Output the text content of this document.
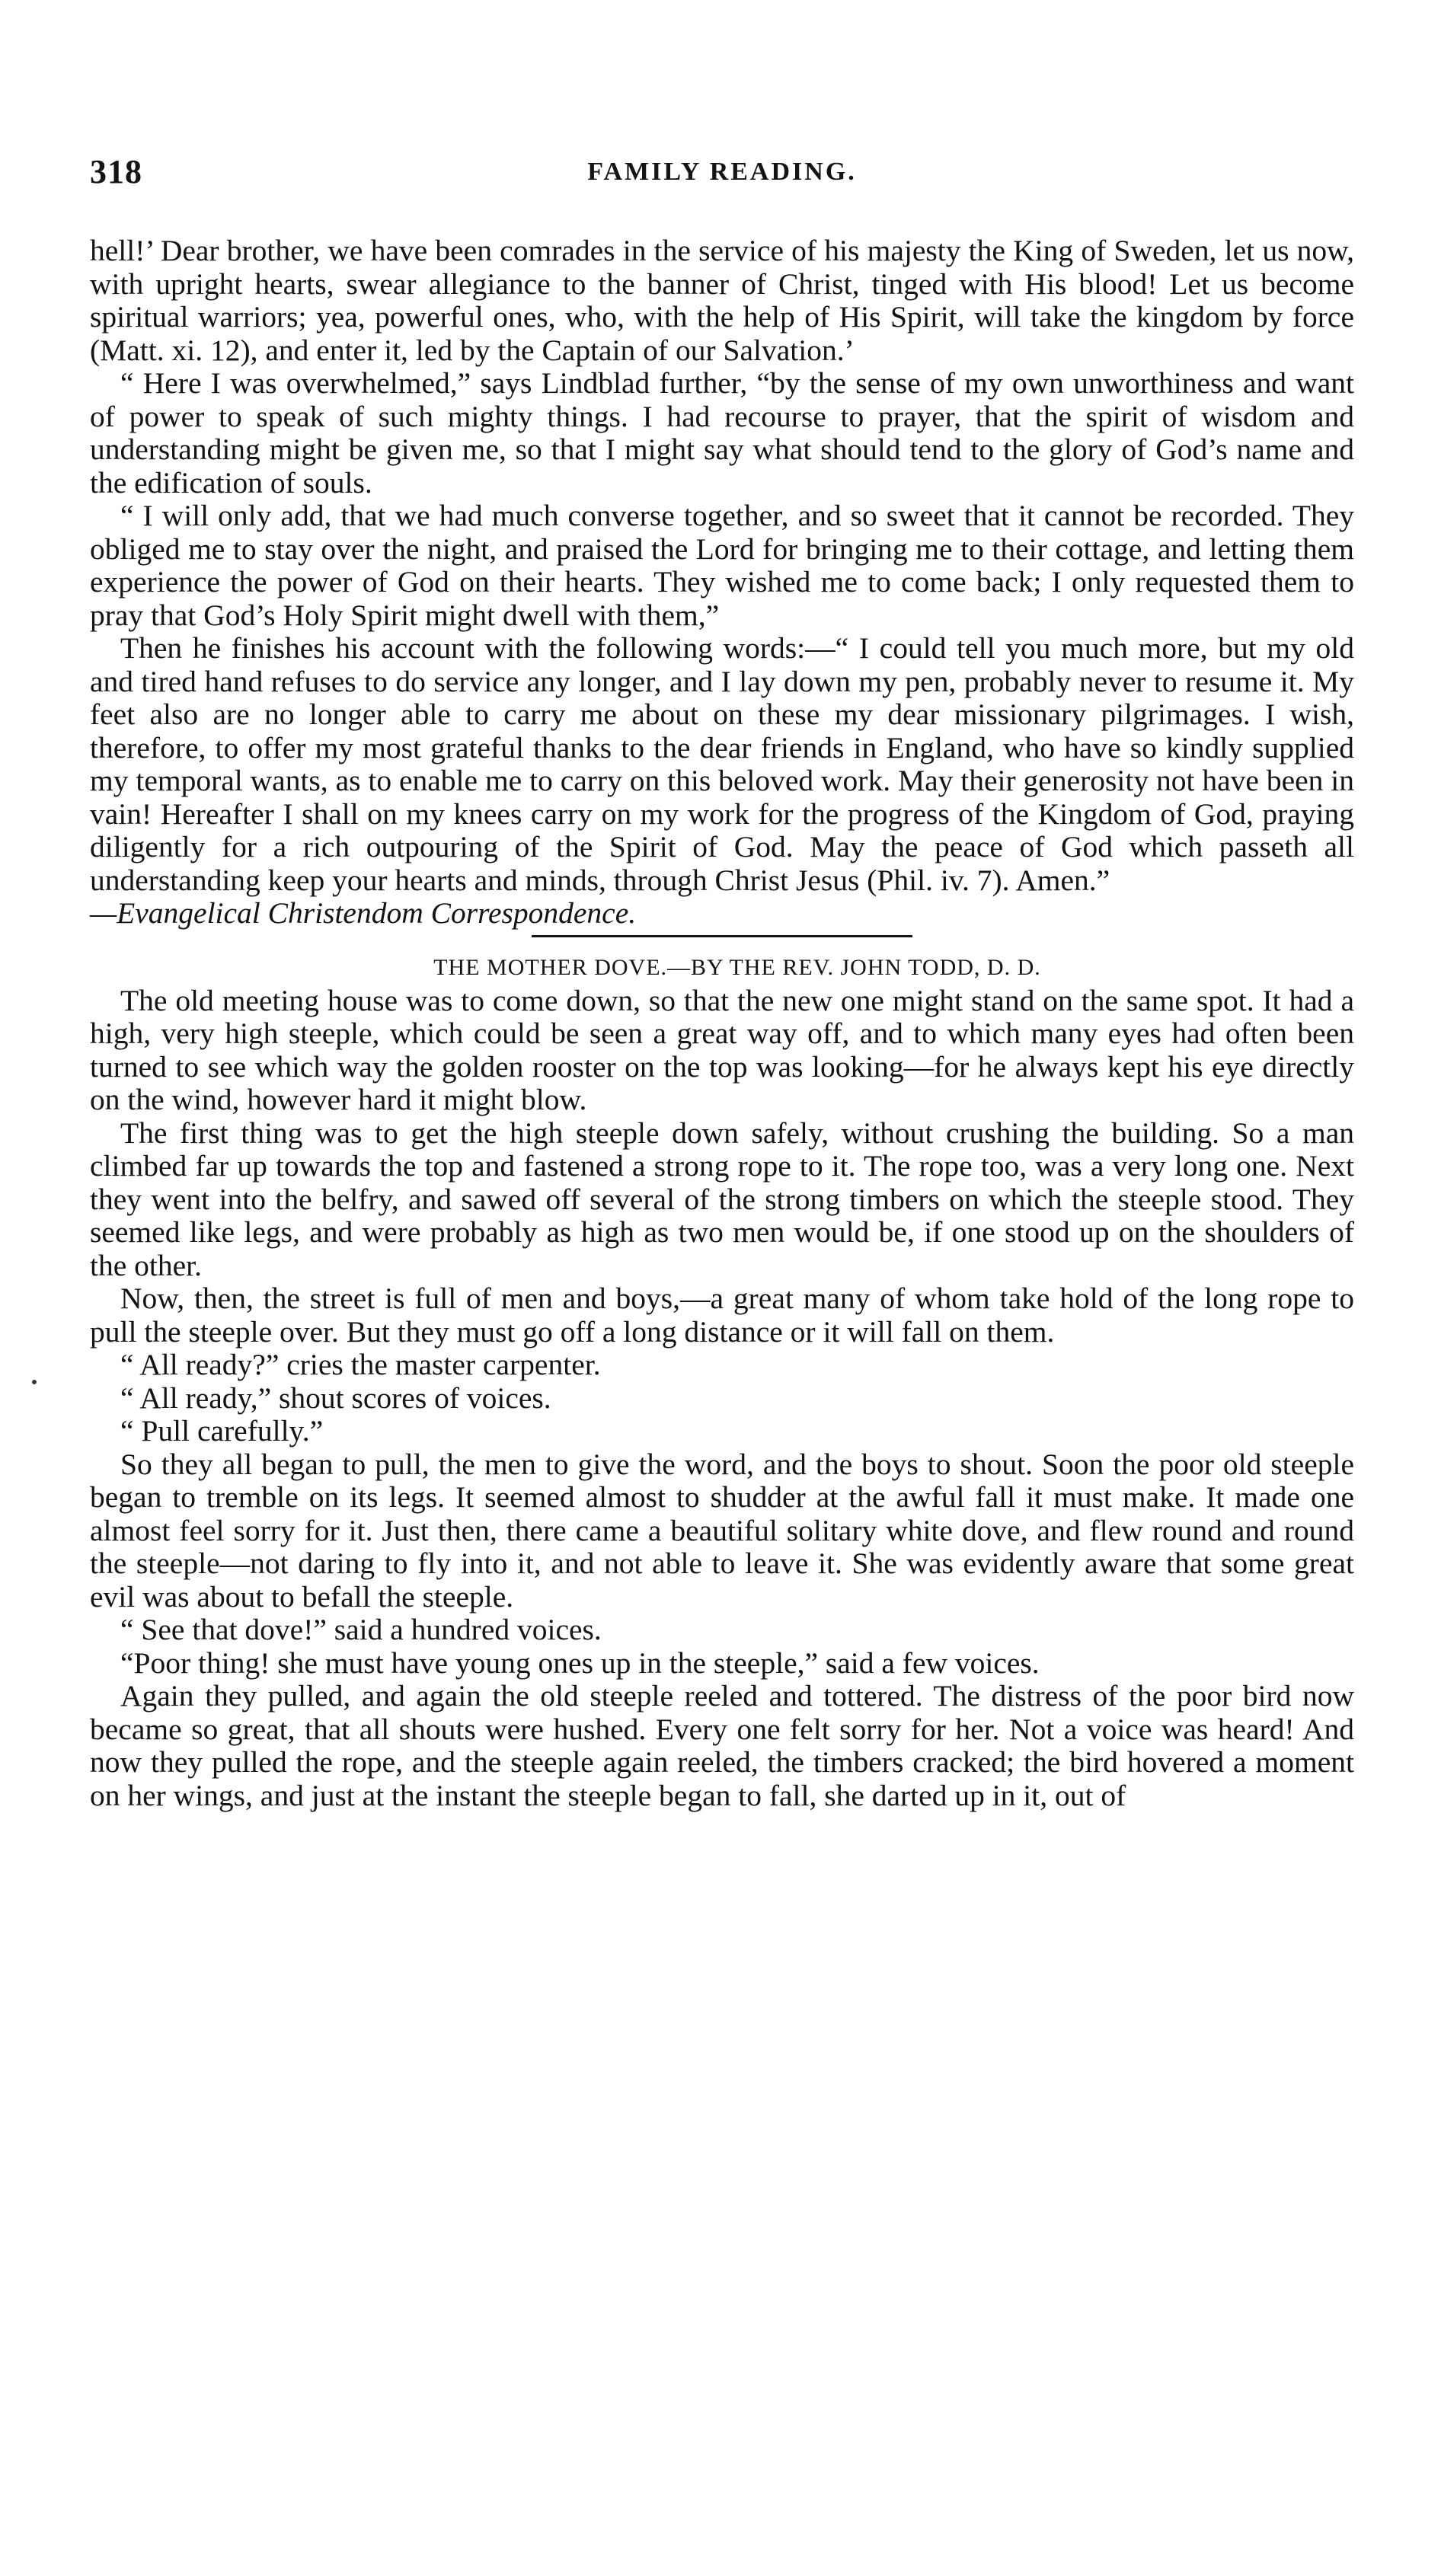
318	FAMILY READING.

hell!’ Dear brother, we have been comrades in the service of his majesty the King of Sweden, let us now, with upright hearts, swear allegiance to the banner of Christ, tinged with His blood! Let us become spiritual warriors; yea, powerful ones, who, with the help of His Spirit, will take the kingdom by force (Matt. xi. 12), and enter it, led by the Captain of our Salvation.’

“ Here I was overwhelmed,” says Lindblad further, “by the sense of my own unworthiness and want of power to speak of such mighty things. I had recourse to prayer, that the spirit of wisdom and understanding might be given me, so that I might say what should tend to the glory of God’s name and the edification of souls.

“ I will only add, that we had much converse together, and so sweet that it cannot be recorded. They obliged me to stay over the night, and praised the Lord for bringing me to their cottage, and letting them experience the power of God on their hearts. They wished me to come back; I only requested them to pray that God’s Holy Spirit might dwell with them,”

Then he finishes his account with the following words:—“ I could tell you much more, but my old and tired hand refuses to do service any longer, and I lay down my pen, probably never to resume it. My feet also are no longer able to carry me about on these my dear missionary pilgrimages. I wish, therefore, to offer my most grateful thanks to the dear friends in England, who have so kindly supplied my temporal wants, as to enable me to carry on this beloved work. May their generosity not have been in vain! Hereafter I shall on my knees carry on my work for the progress of the Kingdom of God, praying diligently for a rich outpouring of the Spirit of God. May the peace of God which passeth all understanding keep your hearts and minds, through Christ Jesus (Phil. iv. 7). Amen.”

—Evangelical Christendom Correspondence.

THE MOTHER DOVE.—BY THE REV. JOHN TODD, D. D.

The old meeting house was to come down, so that the new one might stand on the same spot. It had a high, very high steeple, which could be seen a great way off, and to which many eyes had often been turned to see which way the golden rooster on the top was looking—for he always kept his eye directly on the wind, however hard it might blow.

The first thing was to get the high steeple down safely, without crushing the building. So a man climbed far up towards the top and fastened a strong rope to it. The rope too, was a very long one. Next they went into the belfry, and sawed off several of the strong timbers on which the steeple stood. They seemed like legs, and were probably as high as two men would be, if one stood up on the shoulders of the other.

Now, then, the street is full of men and boys,—a great many of whom take hold of the long rope to pull the steeple over. But they must go off a long distance or it will fall on them.

“ All ready?” cries the master carpenter.

“ All ready,” shout scores of voices.

“ Pull carefully.”

So they all began to pull, the men to give the word, and the boys to shout. Soon the poor old steeple began to tremble on its legs. It seemed almost to shudder at the awful fall it must make. It made one almost feel sorry for it. Just then, there came a beautiful solitary white dove, and flew round and round the steeple—not daring to fly into it, and not able to leave it. She was evidently aware that some great evil was about to befall the steeple.

“ See that dove!” said a hundred voices.

“Poor thing! she must have young ones up in the steeple,” said a few voices.

Again they pulled, and again the old steeple reeled and tottered. The distress of the poor bird now became so great, that all shouts were hushed. Every one felt sorry for her. Not a voice was heard! And now they pulled the rope, and the steeple again reeled, the timbers cracked; the bird hovered a moment on her wings, and just at the instant the steeple began to fall, she darted up in it, out of
